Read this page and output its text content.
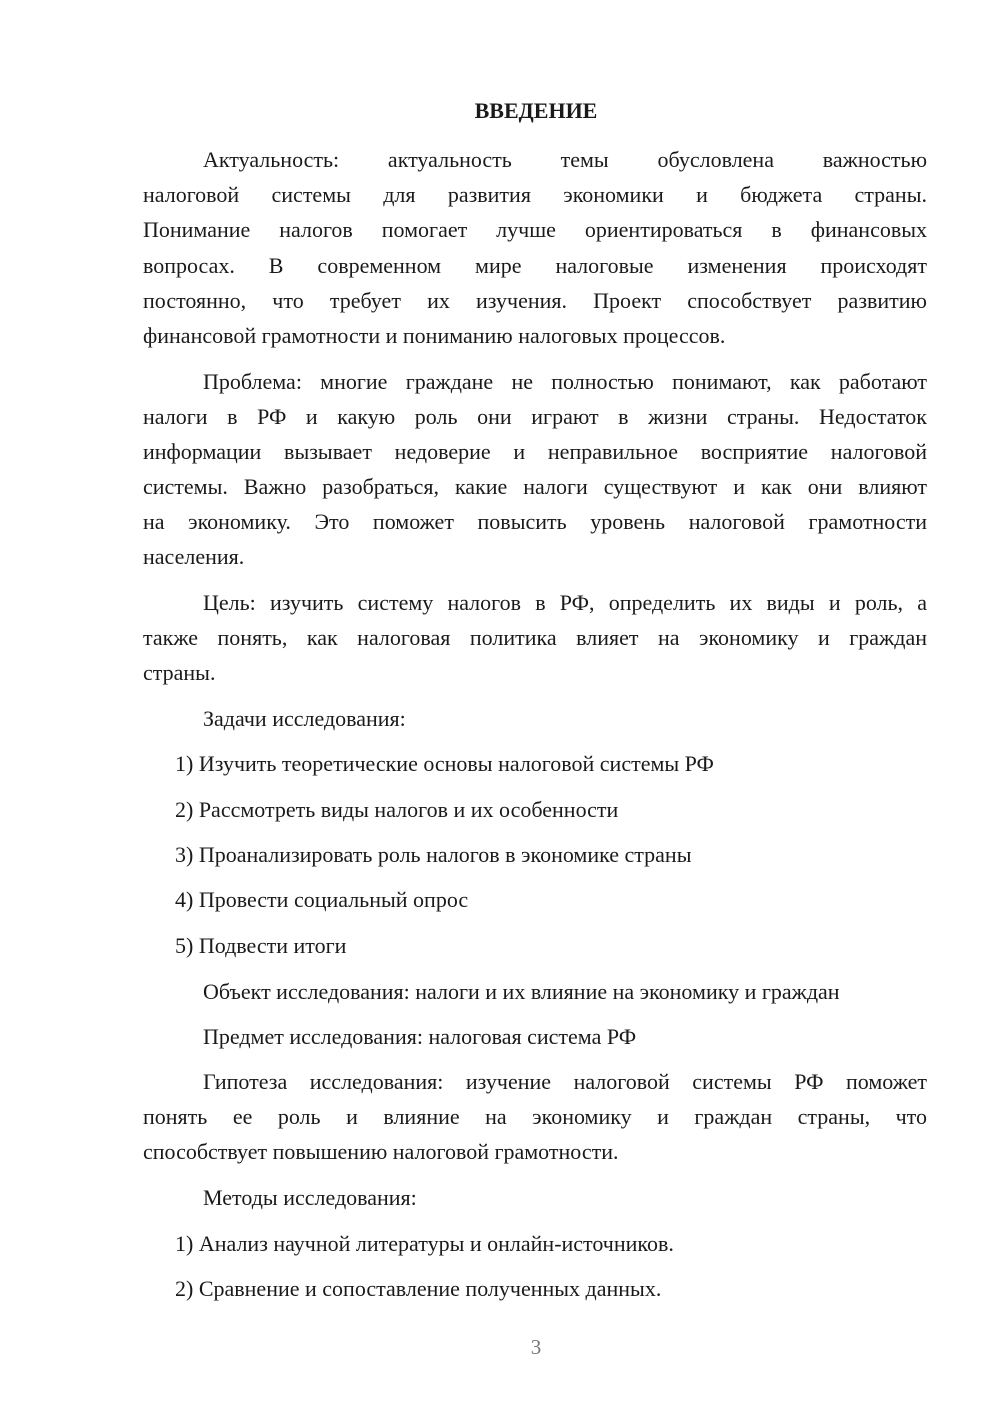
ВВЕДЕНИЕ
Актуальность: актуальность темы обусловлена важностью
налоговой системы для развития экономики и бюджета страны.
Понимание налогов помогает лучше ориентироваться в финансовых
вопросах. В современном мире налоговые изменения происходят
постоянно, что требует их изучения. Проект способствует развитию
финансовой грамотности и пониманию налоговых процессов.
Проблема: многие граждане не полностью понимают, как работают
налоги в РФ и какую роль они играют в жизни страны. Недостаток
информации вызывает недоверие и неправильное восприятие налоговой
системы. Важно разобраться, какие налоги существуют и как они влияют
на экономику. Это поможет повысить уровень налоговой грамотности
населения.
Цель: изучить систему налогов в РФ, определить их виды и роль, а
также понять, как налоговая политика влияет на экономику и граждан
страны.
Задачи исследования:
1) Изучить теоретические основы налоговой системы РФ
2) Рассмотреть виды налогов и их особенности
3) Проанализировать роль налогов в экономике страны
4) Провести социальный опрос
5) Подвести итоги
Объект исследования: налоги и их влияние на экономику и граждан
Предмет исследования: налоговая система РФ
Гипотеза исследования: изучение налоговой системы РФ поможет
понять ее роль и влияние на экономику и граждан страны, что
способствует повышению налоговой грамотности.
Методы исследования:
1) Анализ научной литературы и онлайн-источников.
2) Сравнение и сопоставление полученных данных.
3
